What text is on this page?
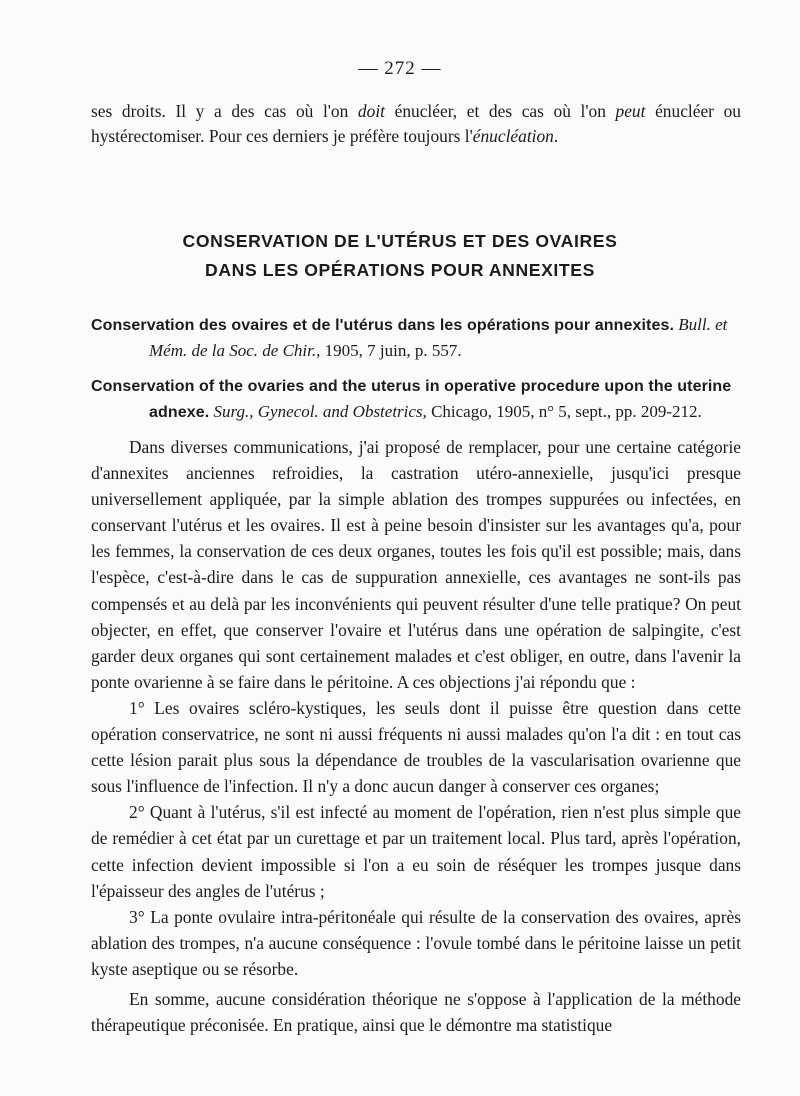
— 272 —
ses droits. Il y a des cas où l'on doit énucléer, et des cas où l'on peut énucléer ou hystérectomiser. Pour ces derniers je préfère toujours l'énucléation.
CONSERVATION DE L'UTÉRUS ET DES OVAIRES
DANS LES OPÉRATIONS POUR ANNEXITES
Conservation des ovaires et de l'utérus dans les opérations pour annexites. Bull. et Mém. de la Soc. de Chir., 1905, 7 juin, p. 557.
Conservation of the ovaries and the uterus in operative procedure upon the uterine adnexe. Surg., Gynecol. and Obstetrics, Chicago, 1905, n° 5, sept., pp. 209-212.

Dans diverses communications, j'ai proposé de remplacer, pour une certaine catégorie d'annexites anciennes refroidies, la castration utéro-annexielle, jusqu'ici presque universellement appliquée, par la simple ablation des trompes suppurées ou infectées, en conservant l'utérus et les ovaires. Il est à peine besoin d'insister sur les avantages qu'a, pour les femmes, la conservation de ces deux organes, toutes les fois qu'il est possible; mais, dans l'espèce, c'est-à-dire dans le cas de suppuration annexielle, ces avantages ne sont-ils pas compensés et au delà par les inconvénients qui peuvent résulter d'une telle pratique? On peut objecter, en effet, que conserver l'ovaire et l'utérus dans une opération de salpingite, c'est garder deux organes qui sont certainement malades et c'est obliger, en outre, dans l'avenir la ponte ovarienne à se faire dans le péritoine. A ces objections j'ai répondu que :

1° Les ovaires scléro-kystiques, les seuls dont il puisse être question dans cette opération conservatrice, ne sont ni aussi fréquents ni aussi malades qu'on l'a dit : en tout cas cette lésion parait plus sous la dépendance de troubles de la vascularisation ovarienne que sous l'influence de l'infection. Il n'y a donc aucun danger à conserver ces organes;

2° Quant à l'utérus, s'il est infecté au moment de l'opération, rien n'est plus simple que de remédier à cet état par un curettage et par un traitement local. Plus tard, après l'opération, cette infection devient impossible si l'on a eu soin de réséquer les trompes jusque dans l'épaisseur des angles de l'utérus ;

3° La ponte ovulaire intra-péritonéale qui résulte de la conservation des ovaires, après ablation des trompes, n'a aucune conséquence : l'ovule tombé dans le péritoine laisse un petit kyste aseptique ou se résorbe.

En somme, aucune considération théorique ne s'oppose à l'application de la méthode thérapeutique préconisée. En pratique, ainsi que le démontre ma statistique
